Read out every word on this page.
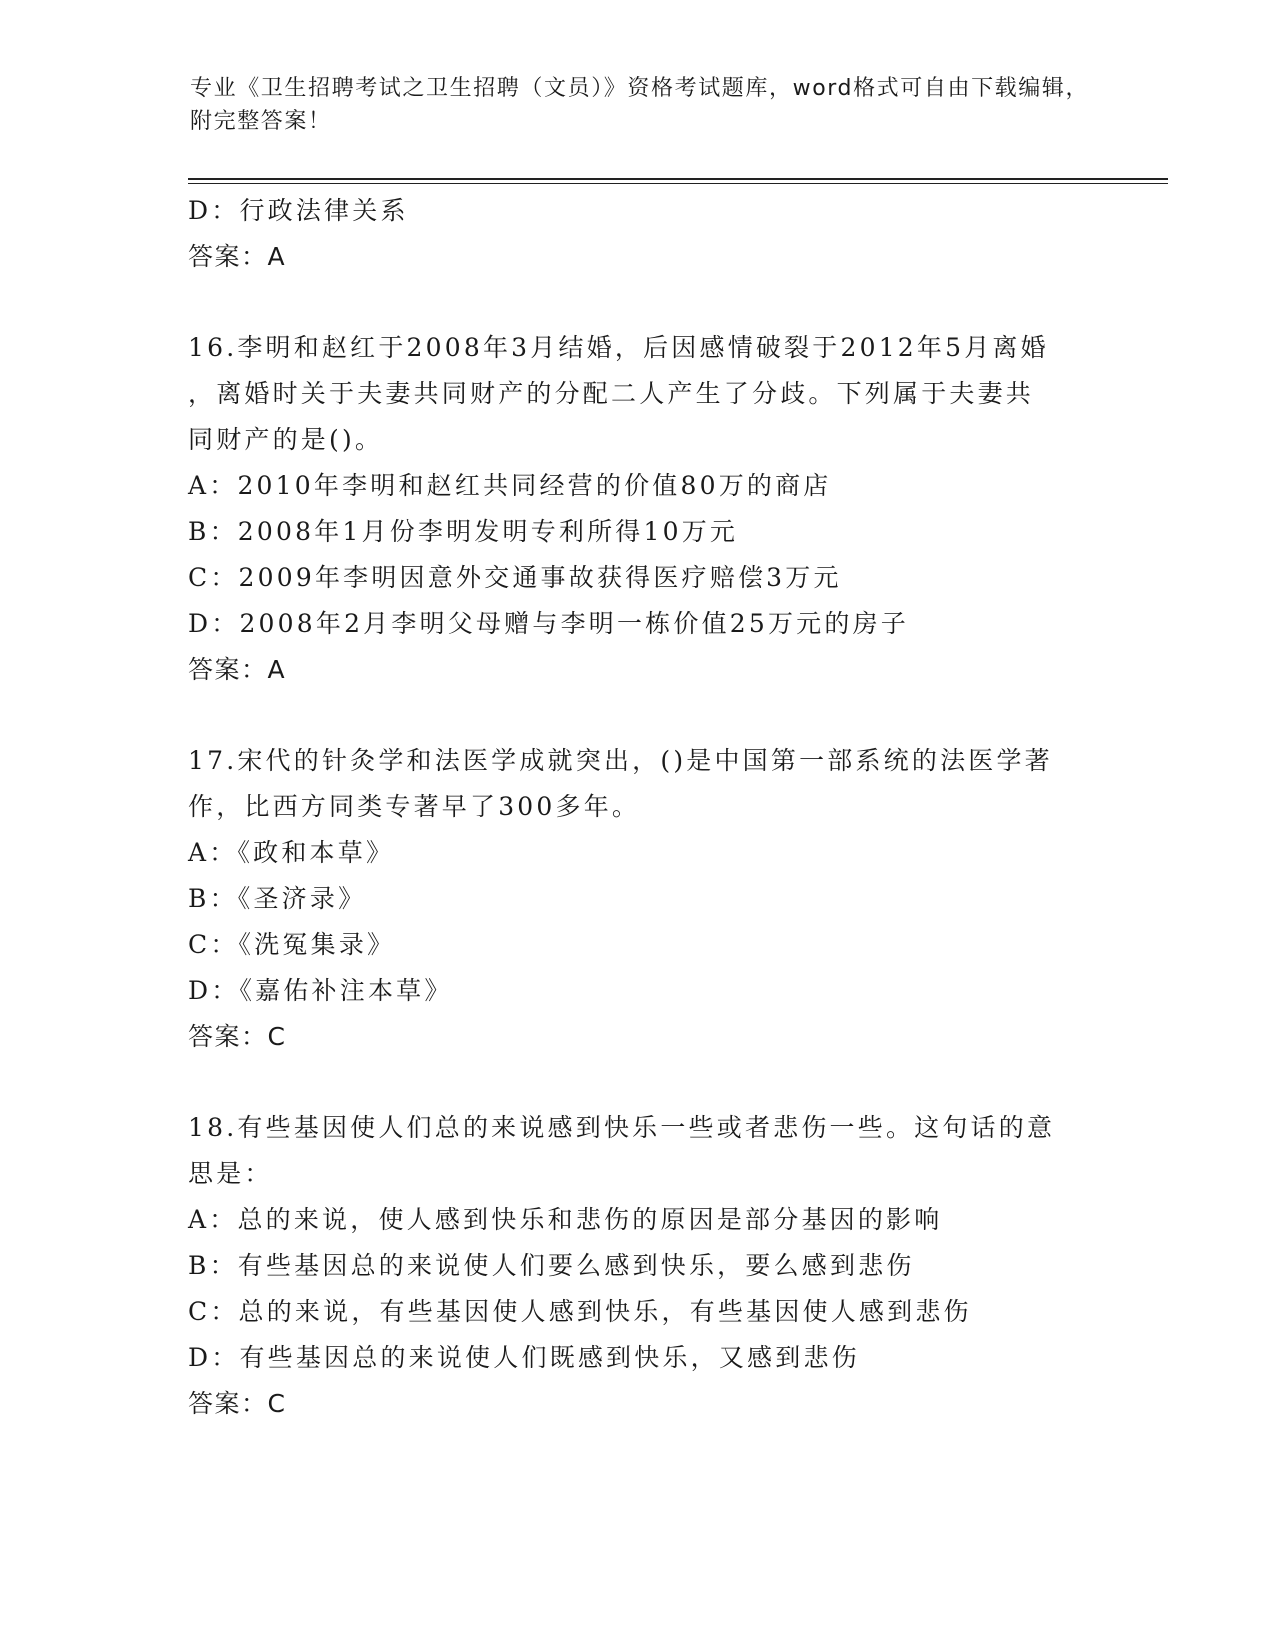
专业《卫生招聘考试之卫生招聘（文员）》资格考试题库，word格式可自由下载编辑，附完整答案！
D：行政法律关系
答案：A
16.李明和赵红于2008年3月结婚，后因感情破裂于2012年5月离婚
，离婚时关于夫妻共同财产的分配二人产生了分歧。下列属于夫妻共
同财产的是()。
A：2010年李明和赵红共同经营的价值80万的商店
B：2008年1月份李明发明专利所得10万元
C：2009年李明因意外交通事故获得医疗赔偿3万元
D：2008年2月李明父母赠与李明一栋价值25万元的房子
答案：A
17.宋代的针灸学和法医学成就突出，()是中国第一部系统的法医学著
作，比西方同类专著早了300多年。
A：《政和本草》
B：《圣济录》
C：《洗冤集录》
D：《嘉佑补注本草》
答案：C
18.有些基因使人们总的来说感到快乐一些或者悲伤一些。这句话的意
思是：
A：总的来说，使人感到快乐和悲伤的原因是部分基因的影响
B：有些基因总的来说使人们要么感到快乐，要么感到悲伤
C：总的来说，有些基因使人感到快乐，有些基因使人感到悲伤
D：有些基因总的来说使人们既感到快乐，又感到悲伤
答案：C
